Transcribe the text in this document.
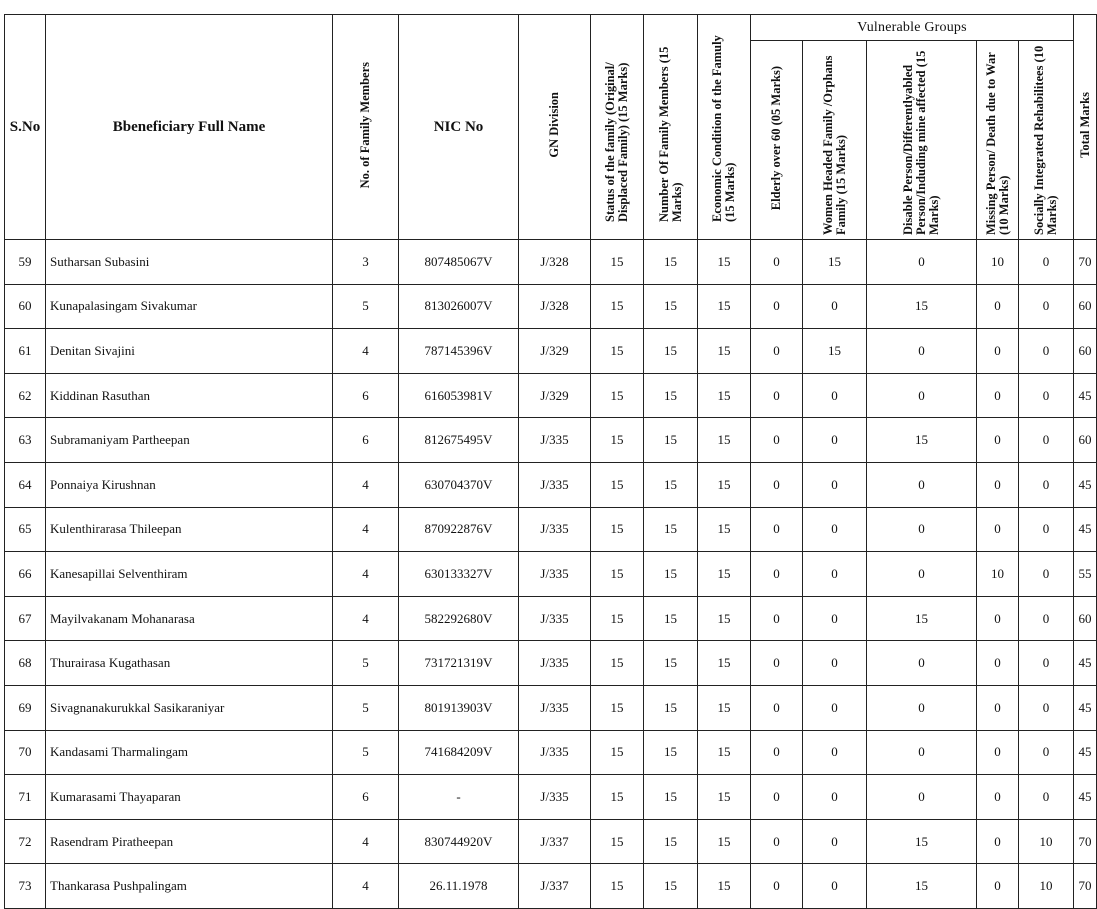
S.No	Bbeneficiary Full Name	No. of Family Members	NIC No	GN Division	Status of the family (Original/ Displaced Family) (15 Marks)	Number Of Family Members (15 Marks)	Economic Condition of the Famuly (15 Marks)	Vulnerable Groups					Total Marks
								Elderly over 60 (05 Marks)	Women Headed Family /Orphans Family (15 Marks)	Disable Person/Differentlyabled Person/Induding mine affected (15 Marks)	Missing Person/ Death due to War (10 Marks)	Socially Integrated Rehabilitees (10 Marks)	
59	Sutharsan Subasini	3	807485067V	J/328	15	15	15	0	15	0	10	0	70
60	Kunapalasingam Sivakumar	5	813026007V	J/328	15	15	15	0	0	15	0	0	60
61	Denitan Sivajini	4	787145396V	J/329	15	15	15	0	15	0	0	0	60
62	Kiddinan Rasuthan	6	616053981V	J/329	15	15	15	0	0	0	0	0	45
63	Subramaniyam Partheepan	6	812675495V	J/335	15	15	15	0	0	15	0	0	60
64	Ponnaiya Kirushnan	4	630704370V	J/335	15	15	15	0	0	0	0	0	45
65	Kulenthirarasa Thileepan	4	870922876V	J/335	15	15	15	0	0	0	0	0	45
66	Kanesapillai Selventhiram	4	630133327V	J/335	15	15	15	0	0	0	10	0	55
67	Mayilvakanam Mohanarasa	4	582292680V	J/335	15	15	15	0	0	15	0	0	60
68	Thurairasa Kugathasan	5	731721319V	J/335	15	15	15	0	0	0	0	0	45
69	Sivagnanakurukkal Sasikaraniyar	5	801913903V	J/335	15	15	15	0	0	0	0	0	45
70	Kandasami Tharmalingam	5	741684209V	J/335	15	15	15	0	0	0	0	0	45
71	Kumarasami Thayaparan	6	-	J/335	15	15	15	0	0	0	0	0	45
72	Rasendram Piratheepan	4	830744920V	J/337	15	15	15	0	0	15	0	10	70
73	Thankarasa Pushpalingam	4	26.11.1978	J/337	15	15	15	0	0	15	0	10	70
